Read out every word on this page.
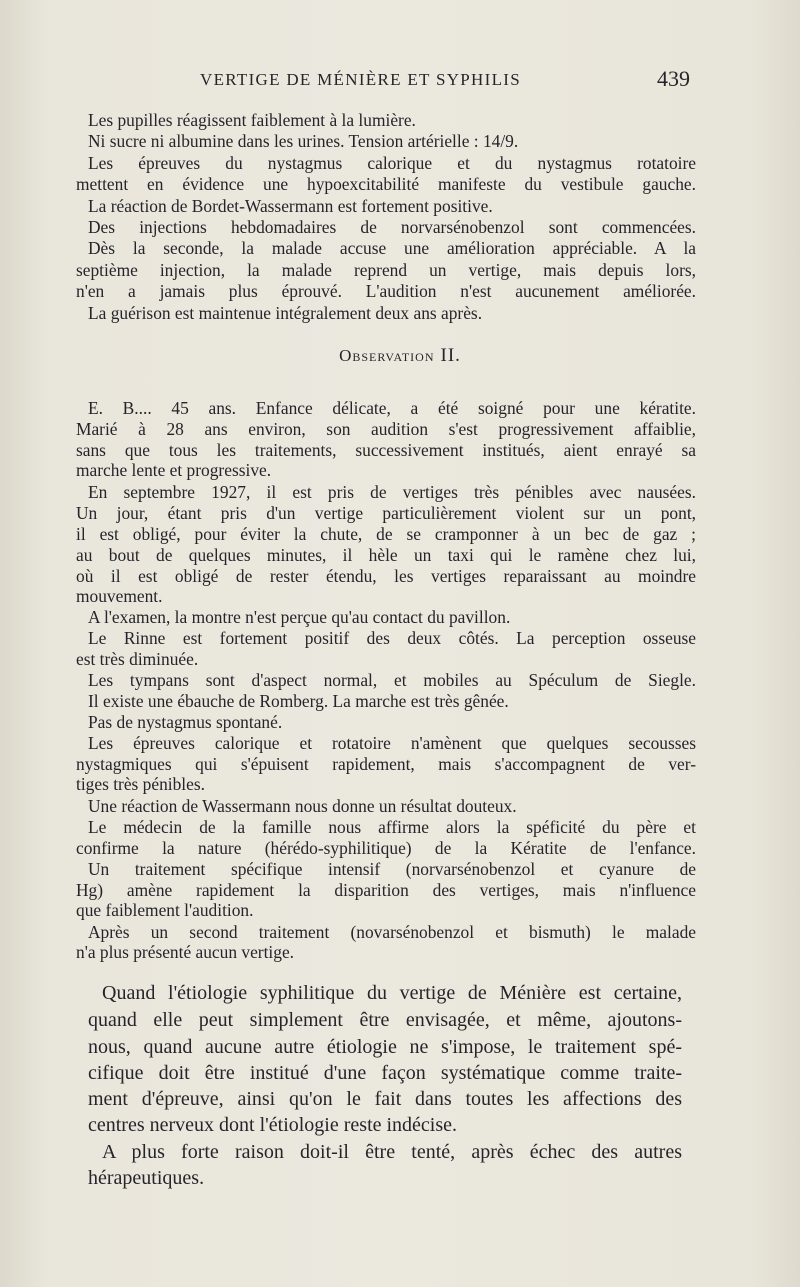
VERTIGE DE MÉNIÈRE ET SYPHILIS	439
Les pupilles réagissent faiblement à la lumière.
Ni sucre ni albumine dans les urines. Tension artérielle : 14/9.
Les épreuves du nystagmus calorique et du nystagmus rotatoire
mettent en évidence une hypoexcitabilité manifeste du vestibule gauche.
La réaction de Bordet-Wassermann est fortement positive.
Des injections hebdomadaires de norvarsénobenzol sont commencées.
Dès la seconde, la malade accuse une amélioration appréciable. A la
septième injection, la malade reprend un vertige, mais depuis lors,
n'en a jamais plus éprouvé. L'audition n'est aucunement améliorée.
La guérison est maintenue intégralement deux ans après.
Observation II.
E. B.... 45 ans. Enfance délicate, a été soigné pour une kératite.
Marié à 28 ans environ, son audition s'est progressivement affaiblie,
sans que tous les traitements, successivement institués, aient enrayé sa
marche lente et progressive.
En septembre 1927, il est pris de vertiges très pénibles avec nausées.
Un jour, étant pris d'un vertige particulièrement violent sur un pont,
il est obligé, pour éviter la chute, de se cramponner à un bec de gaz ;
au bout de quelques minutes, il hèle un taxi qui le ramène chez lui,
où il est obligé de rester étendu, les vertiges reparaissant au moindre
mouvement.
A l'examen, la montre n'est perçue qu'au contact du pavillon.
Le Rinne est fortement positif des deux côtés. La perception osseuse
est très diminuée.
Les tympans sont d'aspect normal, et mobiles au Spéculum de Siegle.
Il existe une ébauche de Romberg. La marche est très gênée.
Pas de nystagmus spontané.
Les épreuves calorique et rotatoire n'amènent que quelques secousses
nystagmiques qui s'épuisent rapidement, mais s'accompagnent de ver-
tiges très pénibles.
Une réaction de Wassermann nous donne un résultat douteux.
Le médecin de la famille nous affirme alors la spéficité du père et
confirme la nature (hérédo-syphilitique) de la Kératite de l'enfance.
Un traitement spécifique intensif (norvarsénobenzol et cyanure de
Hg) amène rapidement la disparition des vertiges, mais n'influence
que faiblement l'audition.
Après un second traitement (novarsénobenzol et bismuth) le malade
n'a plus présenté aucun vertige.
Quand l'étiologie syphilitique du vertige de Ménière est certaine,
quand elle peut simplement être envisagée, et même, ajoutons-
nous, quand aucune autre étiologie ne s'impose, le traitement spé-
cifique doit être institué d'une façon systématique comme traite-
ment d'épreuve, ainsi qu'on le fait dans toutes les affections des
centres nerveux dont l'étiologie reste indécise.
A plus forte raison doit-il être tenté, après échec des autres
hérapeutiques.
